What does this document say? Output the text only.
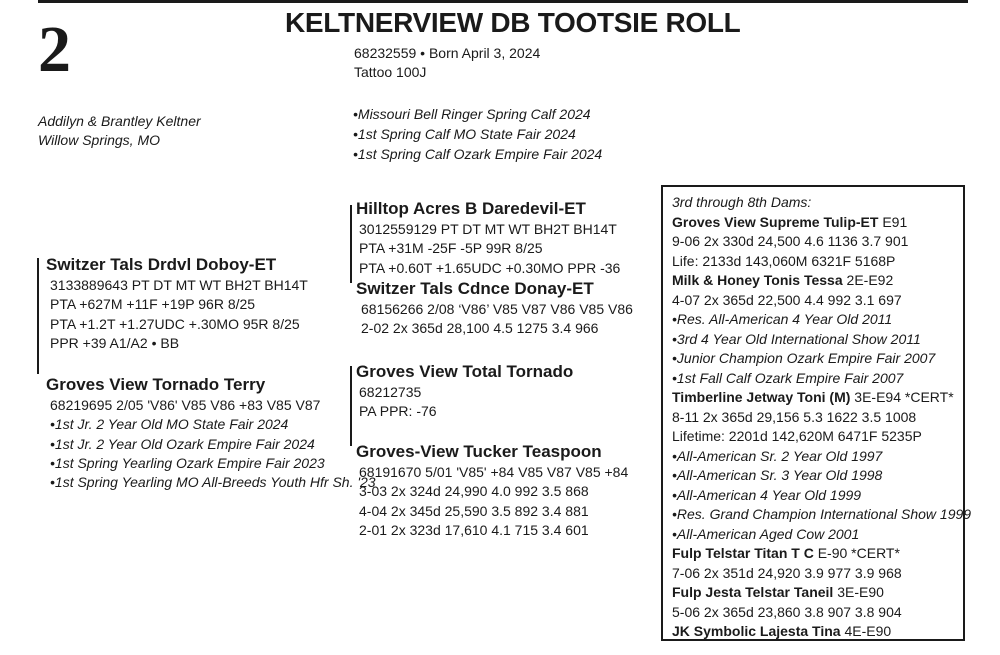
2	KELTNERVIEW DB TOOTSIE ROLL
68232559 • Born April 3, 2024
Tattoo 100J
•Missouri Bell Ringer Spring Calf 2024
•1st Spring Calf MO State Fair 2024
•1st Spring Calf Ozark Empire Fair 2024
Addilyn & Brantley Keltner
Willow Springs, MO
Switzer Tals Drdvl Doboy-ET
3133889643 PT DT MT WT BH2T BH14T
PTA +627M +11F +19P 96R 8/25
PTA +1.2T +1.27UDC +.30MO 95R 8/25
PPR +39 A1/A2 • BB
Hilltop Acres B Daredevil-ET
3012559129 PT DT MT WT BH2T BH14T
PTA +31M -25F -5P 99R 8/25
PTA +0.60T +1.65UDC +0.30MO PPR -36
Switzer Tals Cdnce Donay-ET
68156266 2/08 ‘V86’ V85 V87 V86 V85 V86
2-02 2x 365d 28,100 4.5 1275 3.4 966
Groves View Tornado Terry
68219695 2/05 'V86' V85 V86 +83 V85 V87
•1st Jr. 2 Year Old MO State Fair 2024
•1st Jr. 2 Year Old Ozark Empire Fair 2024
•1st Spring Yearling Ozark Empire Fair 2023
•1st Spring Yearling MO All-Breeds Youth Hfr Sh. '23
Groves View Total Tornado
68212735
PA PPR: -76
Groves-View Tucker Teaspoon
68191670 5/01 'V85' +84 V85 V87 V85 +84
3-03 2x 324d 24,990 4.0 992 3.5 868
4-04 2x 345d 25,590 3.5 892 3.4 881
2-01 2x 323d 17,610 4.1 715 3.4 601
3rd through 8th Dams:
Groves View Supreme Tulip-ET E91
9-06 2x 330d 24,500 4.6 1136 3.7 901
Life: 2133d 143,060M 6321F 5168P
Milk & Honey Tonis Tessa 2E-E92
4-07 2x 365d 22,500 4.4 992 3.1 697
•Res. All-American 4 Year Old 2011
•3rd 4 Year Old International Show 2011
•Junior Champion Ozark Empire Fair 2007
•1st Fall Calf Ozark Empire Fair 2007
Timberline Jetway Toni (M) 3E-E94 *CERT*
8-11 2x 365d 29,156 5.3 1622 3.5 1008
Lifetime: 2201d 142,620M 6471F 5235P
•All-American Sr. 2 Year Old 1997
•All-American Sr. 3 Year Old 1998
•All-American 4 Year Old 1999
•Res. Grand Champion International Show 1999
•All-American Aged Cow 2001
Fulp Telstar Titan T C E-90 *CERT*
7-06 2x 351d 24,920 3.9 977 3.9 968
Fulp Jesta Telstar Taneil 3E-E90
5-06 2x 365d 23,860 3.8 907 3.8 904
JK Symbolic Lajesta Tina 4E-E90
